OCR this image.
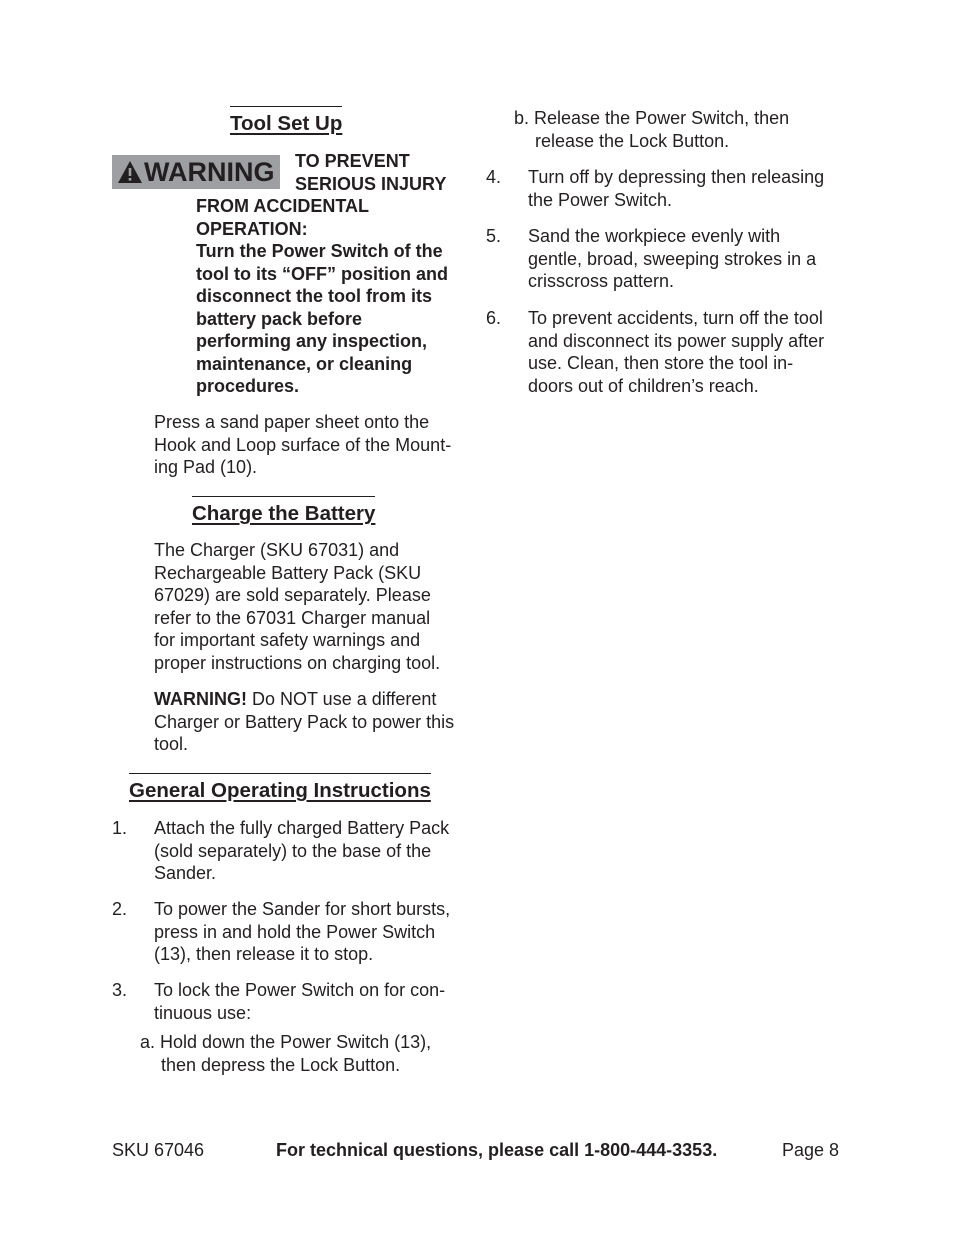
Tool Set Up
WARNING TO PREVENT
SERIOUS INJURY
FROM ACCIDENTAL
OPERATION:
Turn the Power Switch of the
tool to its “OFF” position and
disconnect the tool from its
battery pack before
performing any inspection,
maintenance, or cleaning
procedures.
Press a sand paper sheet onto the
Hook and Loop surface of the Mount-
ing Pad (10).
Charge the Battery
The Charger (SKU 67031) and
Rechargeable Battery Pack (SKU
67029) are sold separately. Please
refer to the 67031 Charger manual
for important safety warnings and
proper instructions on charging tool.
WARNING! Do NOT use a different
Charger or Battery Pack to power this
tool.
General Operating Instructions
1. Attach the fully charged Battery Pack
(sold separately) to the base of the
Sander.
2. To power the Sander for short bursts,
press in and hold the Power Switch
(13), then release it to stop.
3. To lock the Power Switch on for con-
tinuous use:
a. Hold down the Power Switch (13),
then depress the Lock Button.
b. Release the Power Switch, then
release the Lock Button.
4. Turn off by depressing then releasing
the Power Switch.
5. Sand the workpiece evenly with
gentle, broad, sweeping strokes in a
crisscross pattern.
6. To prevent accidents, turn off the tool
and disconnect its power supply after
use. Clean, then store the tool in-
doors out of children’s reach.
SKU 67046	For technical questions, please call 1-800-444-3353.	Page 8
